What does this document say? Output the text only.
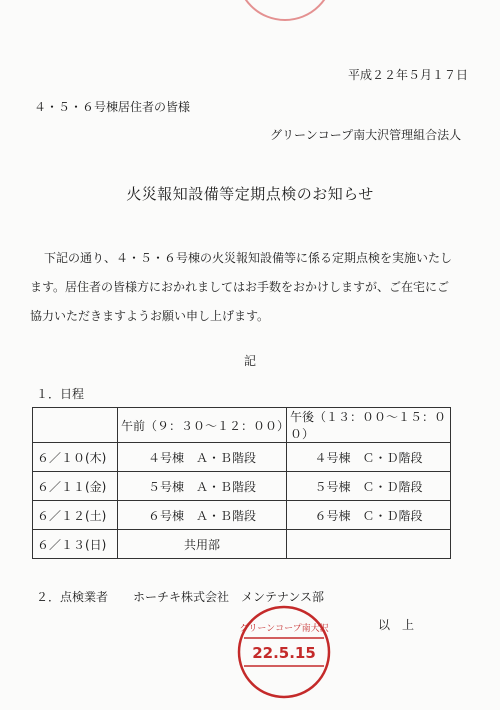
平成２２年５月１７日
４・５・６号棟居住者の皆様
グリーンコープ南大沢管理組合法人
火災報知設備等定期点検のお知らせ
下記の通り、４・５・６号棟の火災報知設備等に係る定期点検を実施いたし
ます。居住者の皆様方におかれましてはお手数をおかけしますが、ご在宅にご
協力いただきますようお願い申し上げます。
記
１．日程
	午前（９：３０～１２：００）	午後（１３：００～１５：００）
６／１０(木)	４号棟　Ａ・Ｂ階段	４号棟　Ｃ・Ｄ階段
６／１１(金)	５号棟　Ａ・Ｂ階段	５号棟　Ｃ・Ｄ階段
６／１２(土)	６号棟　Ａ・Ｂ階段	６号棟　Ｃ・Ｄ階段
６／１３(日)	共用部	
２．点検業者 ホーチキ株式会社　メンテナンス部
以　上
グリーンコープ南大沢
22.5.15
